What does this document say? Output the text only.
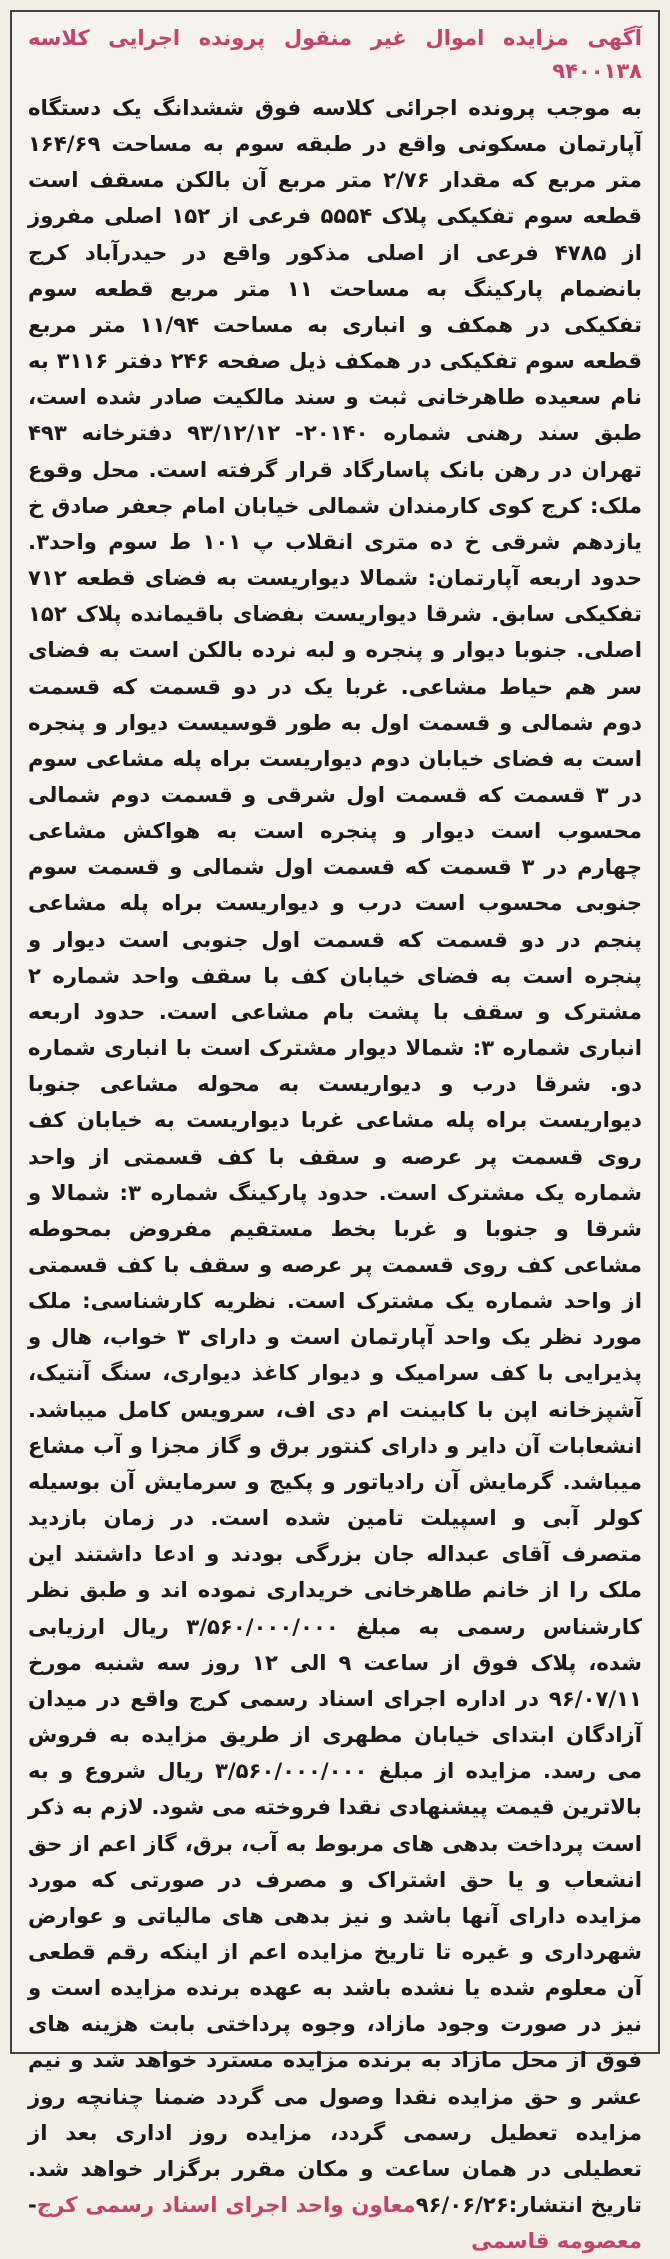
آگهی مزایده اموال غیر منقول پرونده اجرایی کلاسه ۹۴۰۰۱۳۸

به موجب پرونده اجرائی کلاسه فوق ششدانگ یک دستگاه آپارتمان مسکونی واقع در طبقه سوم به مساحت ۱۶۴/۶۹ متر مربع که مقدار ۲/۷۶ متر مربع آن بالکن مسقف است قطعه سوم تفکیکی پلاک ۵۵۵۴ فرعی از ۱۵۲ اصلی مفروز از ۴۷۸۵ فرعی از اصلی مذکور واقع در حیدرآباد کرج بانضمام پارکینگ به مساحت ۱۱ متر مربع قطعه سوم تفکیکی در همکف و انباری به مساحت ۱۱/۹۴ متر مربع قطعه سوم تفکیکی در همکف ذیل صفحه ۲۴۶ دفتر ۳۱۱۶ به نام سعیده طاهرخانی ثبت و سند مالکیت صادر شده است، طبق سند رهنی شماره ۲۰۱۴۰- ۹۳/۱۲/۱۲ دفترخانه ۴۹۳ تهران در رهن بانک پاسارگاد قرار گرفته است. محل وقوع ملک: کرج کوی کارمندان شمالی خیابان امام جعفر صادق خ یازدهم شرقی خ ده متری انقلاب پ ۱۰۱ ط سوم واحد۳. حدود اربعه آپارتمان: شمالا دیواریست به فضای قطعه ۷۱۲ تفکیکی سابق. شرقا دیواریست بفضای باقیمانده پلاک ۱۵۲ اصلی. جنوبا دیوار و پنجره و لبه نرده بالکن است به فضای سر هم حیاط مشاعی. غربا یک در دو قسمت که قسمت دوم شمالی و قسمت اول به طور قوسیست دیوار و پنجره است به فضای خیابان دوم دیواریست براه پله مشاعی سوم در ۳ قسمت که قسمت اول شرقی و قسمت دوم شمالی محسوب است دیوار و پنجره است به هواکش مشاعی چهارم در ۳ قسمت که قسمت اول شمالی و قسمت سوم جنوبی محسوب است درب و دیواریست براه پله مشاعی پنجم در دو قسمت که قسمت اول جنوبی است دیوار و پنجره است به فضای خیابان کف با سقف واحد شماره ۲ مشترک و سقف با پشت بام مشاعی است. حدود اربعه انباری شماره ۳: شمالا دیوار مشترک است با انباری شماره دو. شرقا درب و دیواریست به محوله مشاعی جنوبا دیواریست براه پله مشاعی غربا دیواریست به خیابان کف روی قسمت پر عرصه و سقف با کف قسمتی از واحد شماره یک مشترک است. حدود پارکینگ شماره ۳: شمالا و شرقا و جنوبا و غربا بخط مستقیم مفروض بمحوطه مشاعی کف روی قسمت پر عرصه و سقف با کف قسمتی از واحد شماره یک مشترک است. نظریه کارشناسی: ملک مورد نظر یک واحد آپارتمان است و دارای ۳ خواب، هال و پذیرایی با کف سرامیک و دیوار کاغذ دیواری، سنگ آنتیک، آشپزخانه اپن با کابینت ام دی اف، سرویس کامل میباشد. انشعابات آن دایر و دارای کنتور برق و گاز مجزا و آب مشاع میباشد. گرمایش آن رادیاتور و پکیج و سرمایش آن بوسیله کولر آبی و اسپیلت تامین شده است. در زمان بازدید متصرف آقای عبداله جان بزرگی بودند و ادعا داشتند این ملک را از خانم طاهرخانی خریداری نموده اند و طبق نظر کارشناس رسمی به مبلغ ۳/۵۶۰/۰۰۰/۰۰۰ ریال ارزیابی شده، پلاک فوق از ساعت ۹ الی ۱۲ روز سه شنبه مورخ ۹۶/۰۷/۱۱ در اداره اجرای اسناد رسمی کرج واقع در میدان آزادگان ابتدای خیابان مطهری از طریق مزایده به فروش می رسد. مزایده از مبلغ ۳/۵۶۰/۰۰۰/۰۰۰ ریال شروع و به بالاترین قیمت پیشنهادی نقدا فروخته می شود. لازم به ذکر است پرداخت بدهی های مربوط به آب، برق، گاز اعم از حق انشعاب و یا حق اشتراک و مصرف در صورتی که مورد مزایده دارای آنها باشد و نیز بدهی های مالیاتی و عوارض شهرداری و غیره تا تاریخ مزایده اعم از اینکه رقم قطعی آن معلوم شده یا نشده باشد به عهده برنده مزایده است و نیز در صورت وجود مازاد، وجوه پرداختی بابت هزینه های فوق از محل مازاد به برنده مزایده مسترد خواهد شد و نیم عشر و حق مزایده نقدا وصول می گردد ضمنا چنانچه روز مزایده تعطیل رسمی گردد، مزایده روز اداری بعد از تعطیلی در همان ساعت و مکان مقرر برگزار خواهد شد. تاریخ انتشار:۹۶/۰۶/۲۶معاون واحد اجرای اسناد رسمی کرج-معصومه قاسمی
